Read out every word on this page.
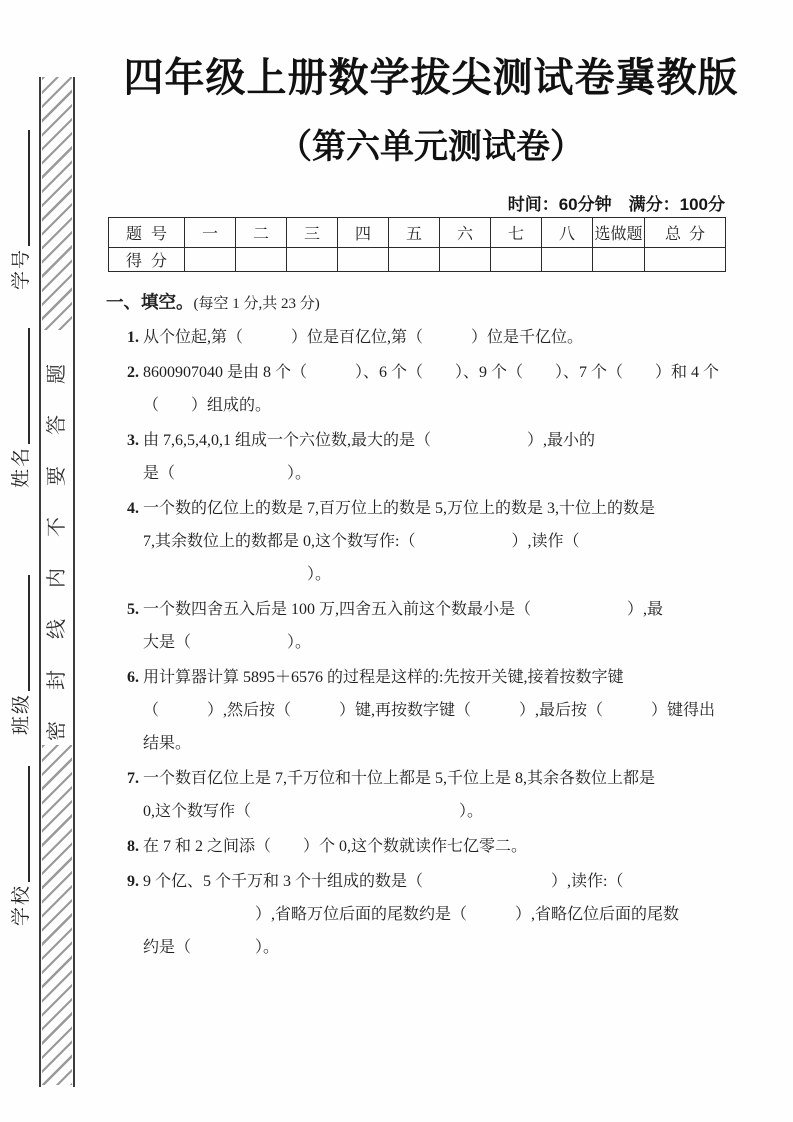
学号
姓名
班级
学校
密封线内不要答题
四年级上册数学拔尖测试卷冀教版
（第六单元测试卷）
时间：60分钟　满分：100分
题号	一	二	三	四	五	六	七	八	选做题	总分
得分										
一、填空。(每空 1 分,共 23 分)
1. 从个位起,第（　　　）位是百亿位,第（　　　）位是千亿位。
2. 8600907040 是由 8 个（　　　）、6 个（　　）、9 个（　　）、7 个（　　）和 4 个
（　　）组成的。
3. 由 7,6,5,4,0,1 组成一个六位数,最大的是（　　　　　　）,最小的
是（　　　　　　　）。
4. 一个数的亿位上的数是 7,百万位上的数是 5,万位上的数是 3,十位上的数是
7,其余数位上的数都是 0,这个数写作:（　　　　　　）,读作（
）。
5. 一个数四舍五入后是 100 万,四舍五入前这个数最小是（　　　　　　）,最
大是（　　　　　　）。
6. 用计算器计算 5895＋6576 的过程是这样的:先按开关键,接着按数字键
（　　　）,然后按（　　　）键,再按数字键（　　　）,最后按（　　　）键得出
结果。
7. 一个数百亿位上是 7,千万位和十位上都是 5,千位上是 8,其余各数位上都是
0,这个数写作（　　　　　　　　　　　　　）。
8. 在 7 和 2 之间添（　　）个 0,这个数就读作七亿零二。
9. 9 个亿、5 个千万和 3 个十组成的数是（　　　　　　　　）,读作:（
）,省略万位后面的尾数约是（　　　）,省略亿位后面的尾数
约是（　　　　）。
